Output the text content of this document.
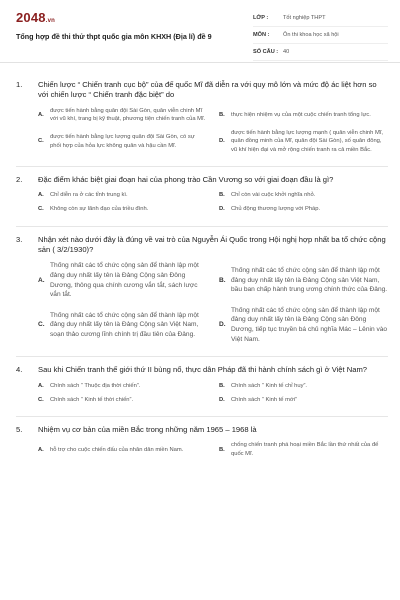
2048.vn
Tổng hợp đề thi thử thpt quốc gia môn KHXH (Địa lí) đề 9
LỚP :	Tốt nghiệp THPT
MÔN :	Ôn thi khoa học xã hội
SỐ CÂU : 40
1.	Chiến lược “ Chiến tranh cục bộ” của đế quốc Mĩ đã diễn ra với quy mô lớn và mức độ ác liệt hơn so với chiến lược “ Chiến tranh đặc biệt” do
A.
được tiến hành bằng quân đội Sài Gòn, quân viễn chinh Mĩ với vũ khí, trang bị kỹ thuật, phương tiện chiến tranh của Mĩ.
B.	thực hiện nhiệm vụ của một cuộc chiến tranh tổng lực.
C.
được tiến hành bằng lực lượng quân đội Sài Gòn, có sự phối hợp của hỏa lực không quân và hậu cần Mĩ.
D.
được tiến hành bằng lực lượng mạnh ( quân viễn chinh Mĩ, quân đồng minh của Mĩ, quân đội Sài Gòn), số quân đông, vũ khí hiện đại và mở rộng chiến tranh ra cả miền Bắc.
2.	Đặc điểm khác biệt giai đoạn hai của phong trào Cần Vương so với giai đoạn đầu là gì?
A.	Chỉ diễn ra ở các tỉnh trung kì.	B.	Chỉ còn vài cuộc khởi nghĩa nhỏ.
C.	Không còn sự lãnh đạo của triều đình.	D.	Chủ động thương lượng với Pháp.
3.	Nhận xét nào dưới đây là đúng về vai trò của Nguyễn Ái Quốc trong Hội nghị hợp nhất ba tổ chức cộng sản ( 3/2/1930)?
A.
Thống nhất các tổ chức cộng sản để thành lập một đảng duy nhất lấy tên là Đảng Cộng sản Đông Dương, thông qua chính cương vắn tắt, sách lược vắn tắt.
B.
Thống nhất các tổ chức cộng sản để thành lập một đảng duy nhất lấy tên là Đảng Cộng sản Việt Nam, bầu ban chấp hành trung ương chính thức của Đảng.
C.
Thống nhất các tổ chức cộng sản để thành lập một đảng duy nhất lấy tên là Đảng Cộng sản Việt Nam, soạn thảo cương lĩnh chính trị đầu tiên của Đảng.
D.
Thống nhất các tổ chức cộng sản để thành lập một đảng duy nhất lấy tên là Đảng Cộng sản Đông Dương, tiếp tục truyền bá chủ nghĩa Mác – Lênin vào Việt Nam.
4.	Sau khi Chiến tranh thế giới thứ II bùng nổ, thực dân Pháp đã thi hành chính sách gì ở Việt Nam?
A.	Chính sách “ Thuộc địa thời chiến”.	B.	Chính sách “ Kinh tế chỉ huy”.
C.	Chính sách “ Kinh tế thời chiến”.	D.	Chính sách “ Kinh tế mới”
5.	Nhiệm vụ cơ bản của miền Bắc trong những năm 1965 – 1968 là
A.	hỗ trợ cho cuộc chiến đấu của nhân dân miền Nam.	B.
chống chiến tranh phá hoại miền Bắc lần thứ nhất của đế quốc Mĩ.
